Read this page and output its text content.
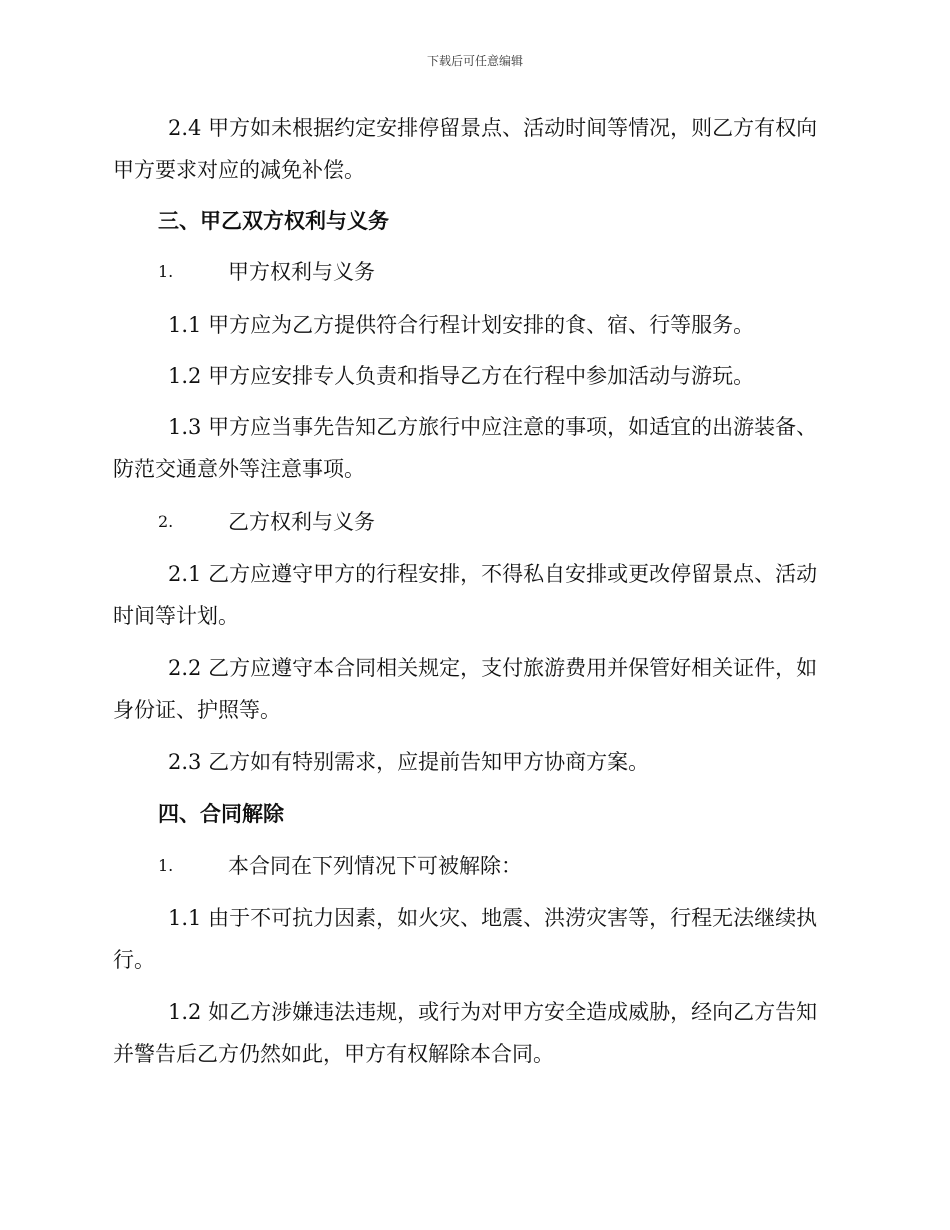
下载后可任意编辑
2.4 甲方如未根据约定安排停留景点、活动时间等情况，则乙方有权向
甲方要求对应的减免补偿。
三、甲乙双方权利与义务
1.	甲方权利与义务
1.1 甲方应为乙方提供符合行程计划安排的食、宿、行等服务。
1.2 甲方应安排专人负责和指导乙方在行程中参加活动与游玩。
1.3 甲方应当事先告知乙方旅行中应注意的事项，如适宜的出游装备、
防范交通意外等注意事项。
2.	乙方权利与义务
2.1 乙方应遵守甲方的行程安排，不得私自安排或更改停留景点、活动
时间等计划。
2.2 乙方应遵守本合同相关规定，支付旅游费用并保管好相关证件，如
身份证、护照等。
2.3 乙方如有特别需求，应提前告知甲方协商方案。
四、合同解除
1.	本合同在下列情况下可被解除：
1.1 由于不可抗力因素，如火灾、地震、洪涝灾害等，行程无法继续执
行。
1.2 如乙方涉嫌违法违规，或行为对甲方安全造成威胁，经向乙方告知
并警告后乙方仍然如此，甲方有权解除本合同。
